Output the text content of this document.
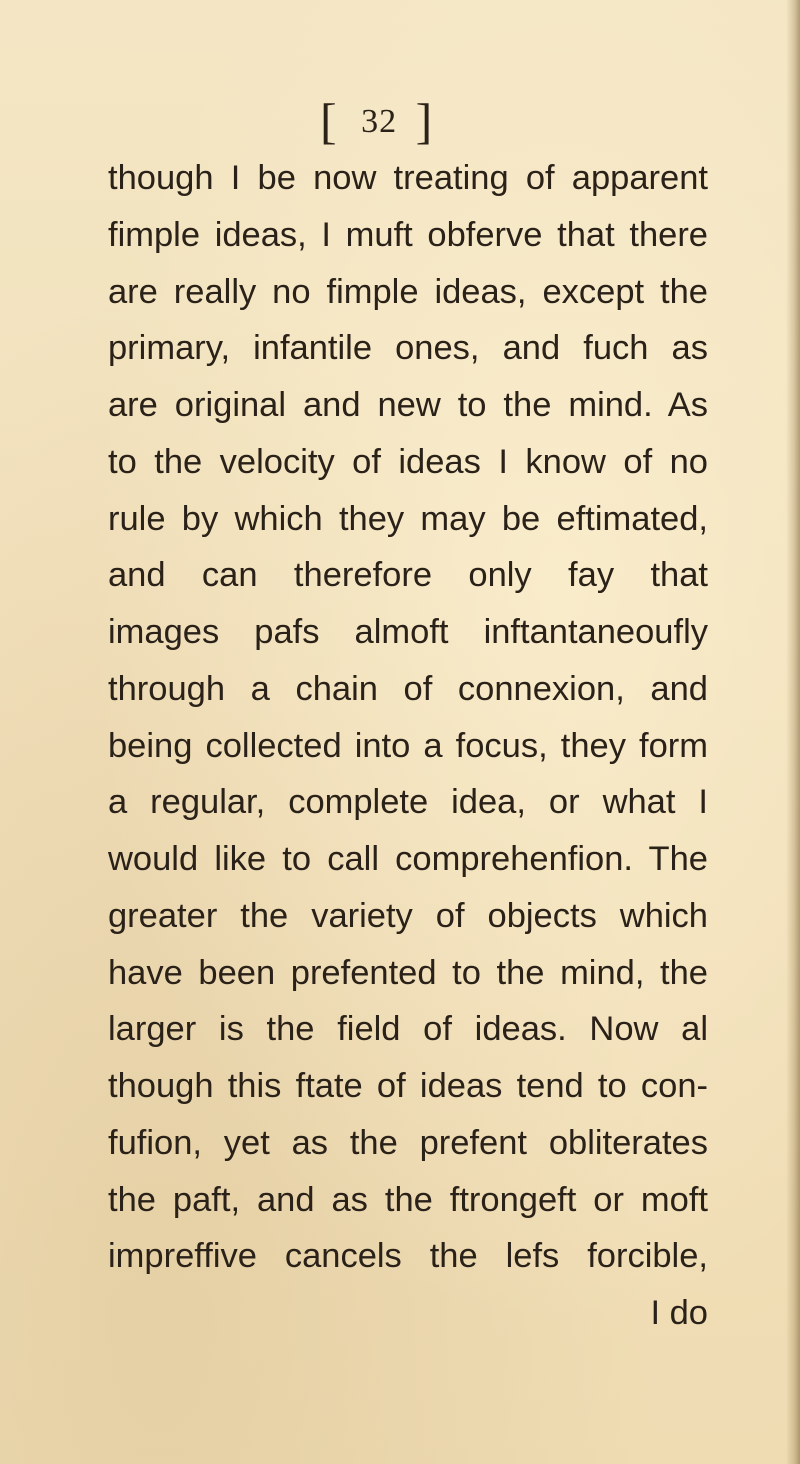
[ 32 ]
though I be now treating of apparent
fimple ideas, I muft obferve that there
are really no fimple ideas, except the
primary, infantile ones, and fuch as
are original and new to the mind. As
to the velocity of ideas I know of no
rule by which they may be eftimated,
and can therefore only fay that
images pafs almoft inftantaneoufly
through a chain of connexion, and
being collected into a focus, they form
a regular, complete idea, or what I
would like to call comprehenfion. The
greater the variety of objects which
have been prefented to the mind, the
larger is the field of ideas. Now al
though this ftate of ideas tend to con-
fufion, yet as the prefent obliterates
the paft, and as the ftrongeft or moft
impreffive cancels the lefs forcible,
I do
